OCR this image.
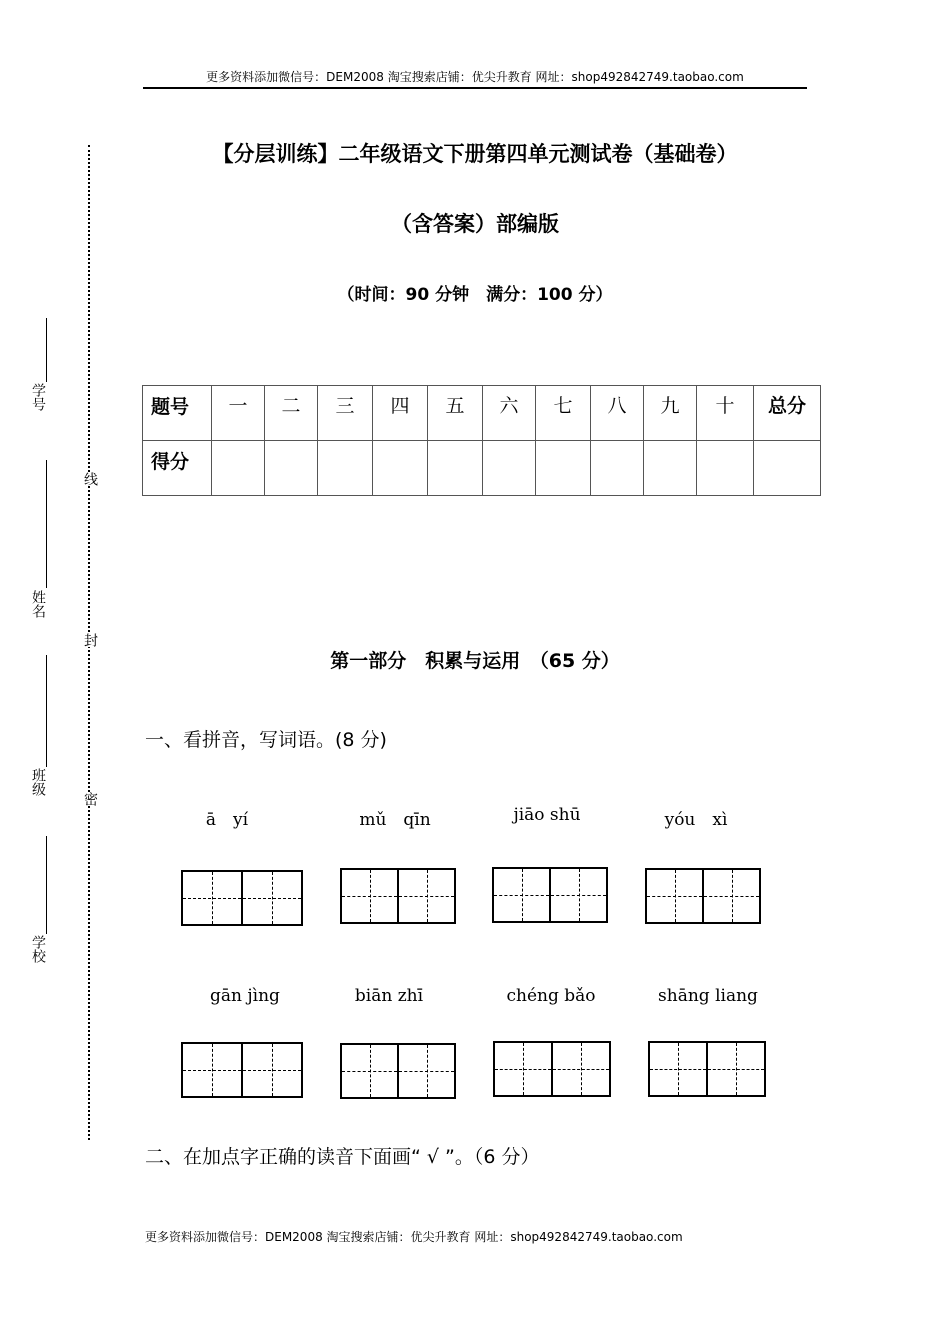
更多资料添加微信号：DEM2008 淘宝搜索店铺：优尖升教育 网址：shop492842749.taobao.com
学校
班级
姓名
学号
密
封
线
【分层训练】二年级语文下册第四单元测试卷（基础卷）
（含答案）部编版
（时间：90 分钟　满分：100 分）
题号	一	二	三	四	五	六	七	八	九	十	总分
得分											
第一部分　积累与运用　（65 分）
一、看拼音，写词语。(8 分)
ā　yí	mǔ　qīn	jiāo shū	yóu　xì
gān jìng	biān zhī	chéng bǎo	shāng liang
二、在加点字正确的读音下面画“ √ ”。（6 分）
更多资料添加微信号：DEM2008 淘宝搜索店铺：优尖升教育 网址：shop492842749.taobao.com
